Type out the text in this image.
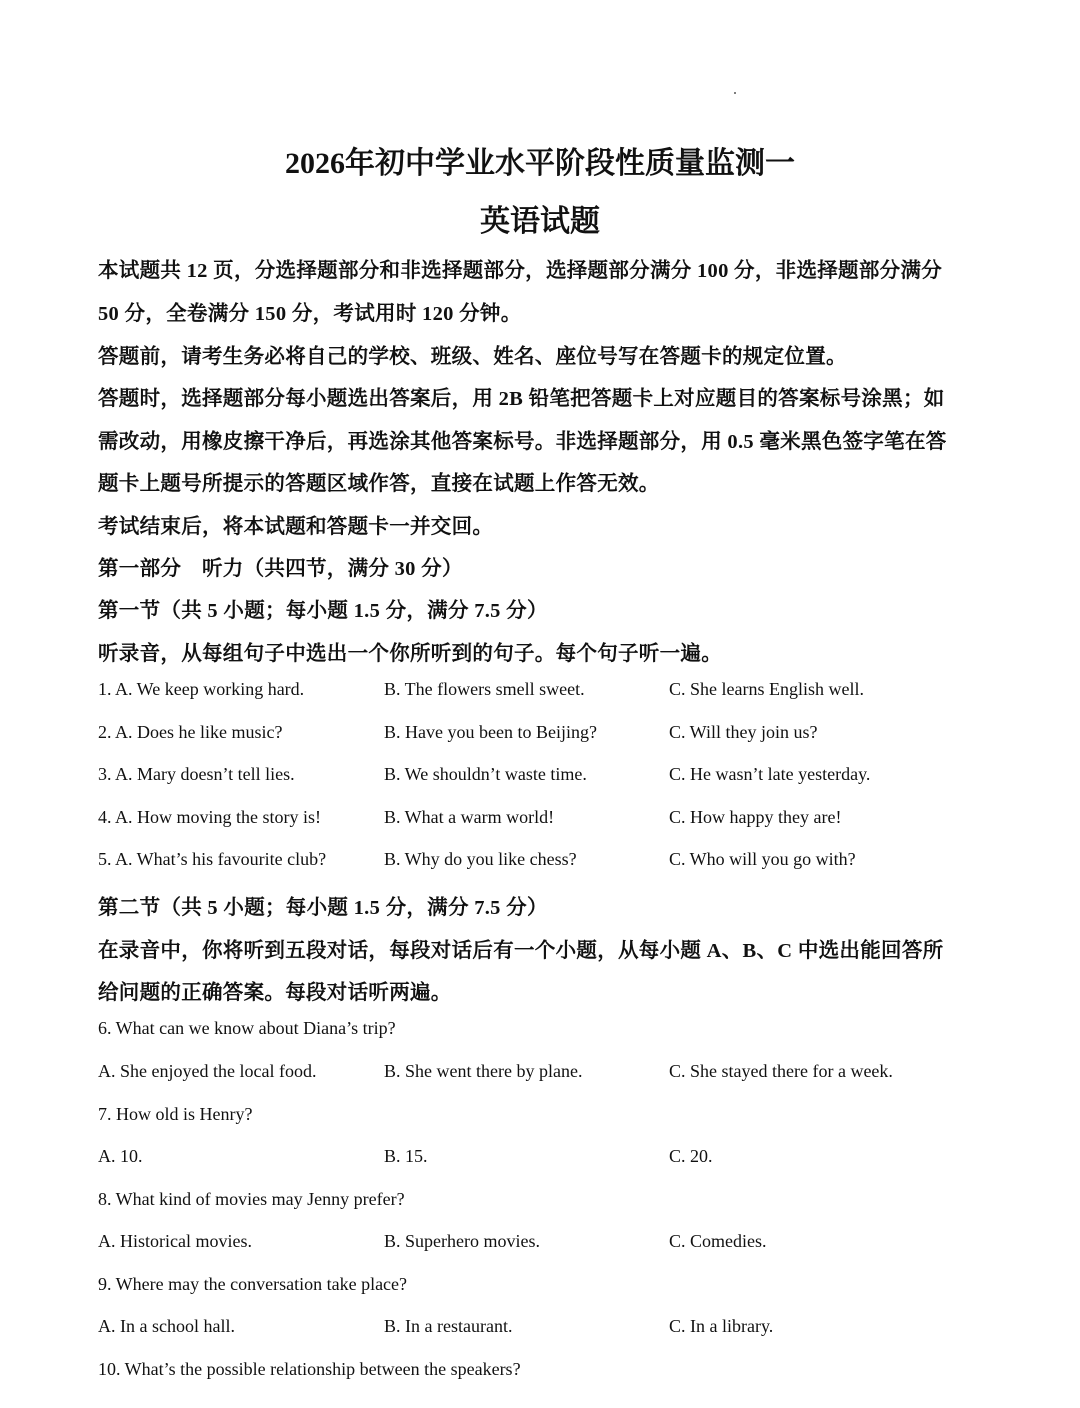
2026年初中学业水平阶段性质量监测一
英语试题
本试题共 12 页，分选择题部分和非选择题部分，选择题部分满分 100 分，非选择题部分满分
50 分，全卷满分 150 分，考试用时 120 分钟。
答题前，请考生务必将自己的学校、班级、姓名、座位号写在答题卡的规定位置。
答题时，选择题部分每小题选出答案后，用 2B 铅笔把答题卡上对应题目的答案标号涂黑；如
需改动，用橡皮擦干净后，再选涂其他答案标号。非选择题部分，用 0.5 毫米黑色签字笔在答
题卡上题号所提示的答题区域作答，直接在试题上作答无效。
考试结束后，将本试题和答题卡一并交回。
第一部分　听力（共四节，满分 30 分）
第一节（共 5 小题；每小题 1.5 分，满分 7.5 分）
听录音，从每组句子中选出一个你所听到的句子。每个句子听一遍。
1. A. We keep working hard.	B. The flowers smell sweet.	C. She learns English well.
2. A. Does he like music?	B. Have you been to Beijing?	C. Will they join us?
3. A. Mary doesn’t tell lies.	B. We shouldn’t waste time.	C. He wasn’t late yesterday.
4. A. How moving the story is!	B. What a warm world!	C. How happy they are!
5. A. What’s his favourite club?	B. Why do you like chess?	C. Who will you go with?
第二节（共 5 小题；每小题 1.5 分，满分 7.5 分）
在录音中，你将听到五段对话，每段对话后有一个小题，从每小题 A、B、C 中选出能回答所
给问题的正确答案。每段对话听两遍。
6. What can we know about Diana’s trip?
A. She enjoyed the local food.	B. She went there by plane.	C. She stayed there for a week.
7. How old is Henry?
A. 10.	B. 15.	C. 20.
8. What kind of movies may Jenny prefer?
A. Historical movies.	B. Superhero movies.	C. Comedies.
9. Where may the conversation take place?
A. In a school hall.	B. In a restaurant.	C. In a library.
10. What’s the possible relationship between the speakers?
